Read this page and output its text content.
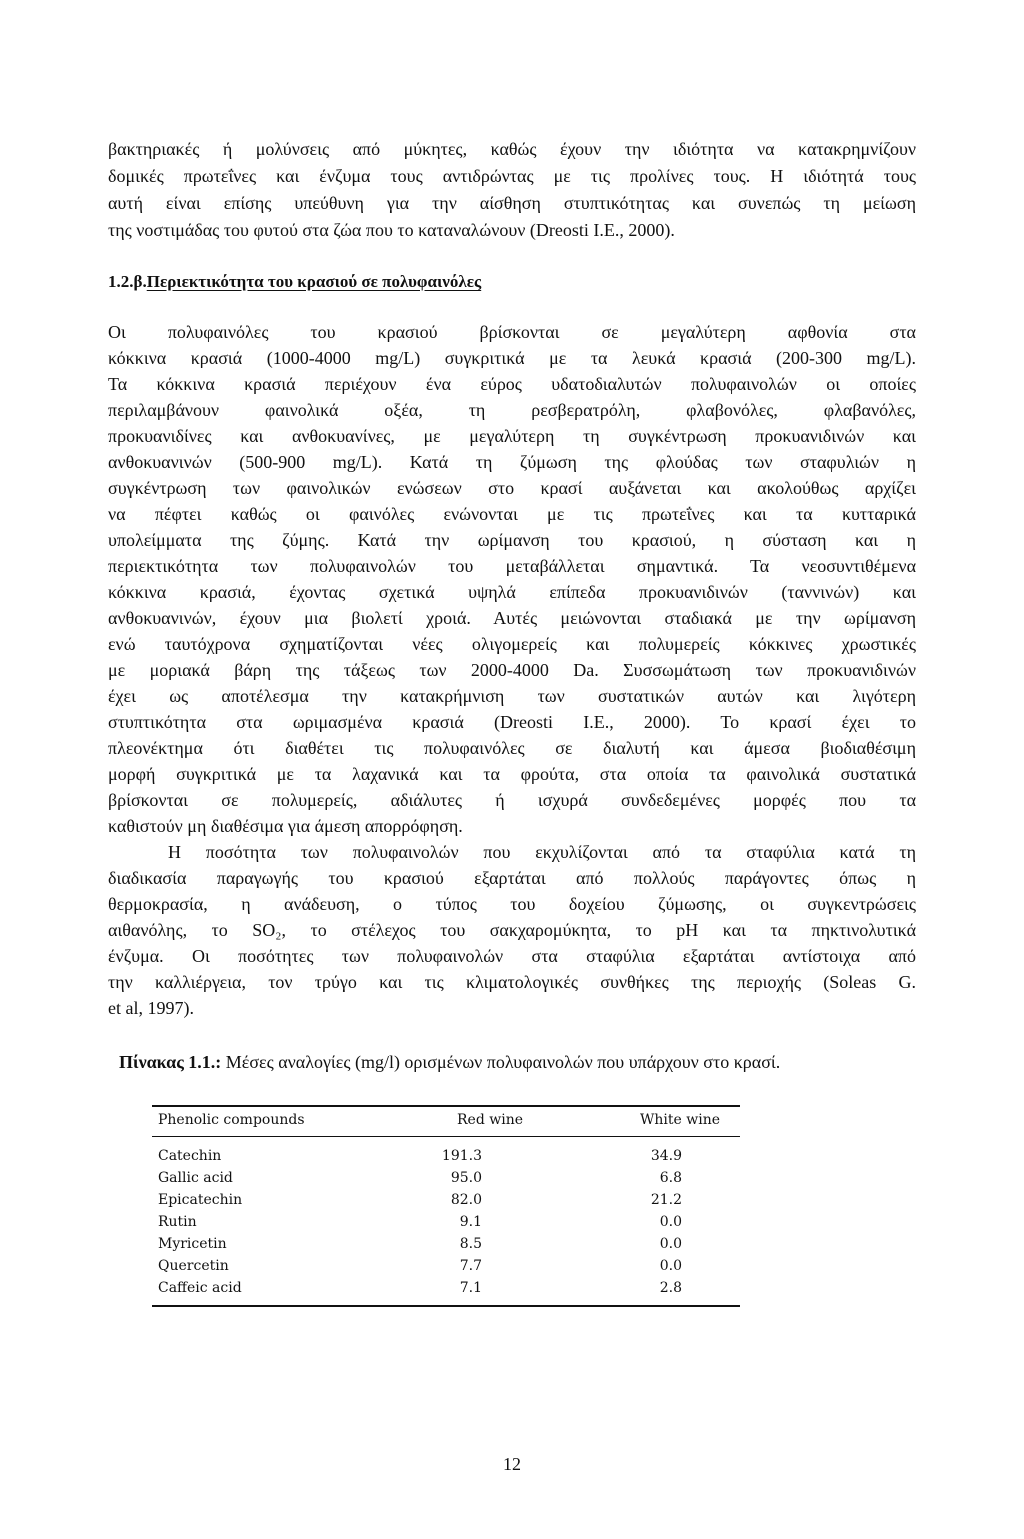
βακτηριακές ή μολύνσεις από μύκητες, καθώς έχουν την ιδιότητα να κατακρημνίζουν
δομικές πρωτεΐνες και ένζυμα τους αντιδρώντας με τις προλίνες τους. Η ιδιότητά τους
αυτή είναι επίσης υπεύθυνη για την αίσθηση στυπτικότητας και συνεπώς τη μείωση
της νοστιμάδας του φυτού στα ζώα που το καταναλώνουν (Dreosti I.E., 2000).
1.2.β.Περιεκτικότητα του κρασιού σε πολυφαινόλες
Οι πολυφαινόλες του κρασιού βρίσκονται σε μεγαλύτερη αφθονία στα
κόκκινα κρασιά (1000-4000 mg/L) συγκριτικά με τα λευκά κρασιά (200-300 mg/L).
Τα κόκκινα κρασιά περιέχουν ένα εύρος υδατοδιαλυτών πολυφαινολών οι οποίες
περιλαμβάνουν φαινολικά οξέα, τη ρεσβερατρόλη, φλαβονόλες, φλαβανόλες,
προκυανιδίνες και ανθοκυανίνες, με μεγαλύτερη τη συγκέντρωση προκυανιδινών και
ανθοκυανινών (500-900 mg/L). Κατά τη ζύμωση της φλούδας των σταφυλιών η
συγκέντρωση των φαινολικών ενώσεων στο κρασί αυξάνεται και ακολούθως αρχίζει
να πέφτει καθώς οι φαινόλες ενώνονται με τις πρωτεΐνες και τα κυτταρικά
υπολείμματα της ζύμης. Κατά την ωρίμανση του κρασιού, η σύσταση και η
περιεκτικότητα των πολυφαινολών του μεταβάλλεται σημαντικά. Τα νεοσυντιθέμενα
κόκκινα κρασιά, έχοντας σχετικά υψηλά επίπεδα προκυανιδινών (ταννινών) και
ανθοκυανινών, έχουν μια βιολετί χροιά. Αυτές μειώνονται σταδιακά με την ωρίμανση
ενώ ταυτόχρονα σχηματίζονται νέες ολιγομερείς και πολυμερείς κόκκινες χρωστικές
με μοριακά βάρη της τάξεως των 2000-4000 Da. Συσσωμάτωση των προκυανιδινών
έχει ως αποτέλεσμα την κατακρήμνιση των συστατικών αυτών και λιγότερη
στυπτικότητα στα ωριμασμένα κρασιά (Dreosti I.E., 2000). Το κρασί έχει το
πλεονέκτημα ότι διαθέτει τις πολυφαινόλες σε διαλυτή και άμεσα βιοδιαθέσιμη
μορφή συγκριτικά με τα λαχανικά και τα φρούτα, στα οποία τα φαινολικά συστατικά
βρίσκονται σε πολυμερείς, αδιάλυτες ή ισχυρά συνδεδεμένες μορφές που τα
καθιστούν μη διαθέσιμα για άμεση απορρόφηση.
Η ποσότητα των πολυφαινολών που εκχυλίζονται από τα σταφύλια κατά τη
διαδικασία παραγωγής του κρασιού εξαρτάται από πολλούς παράγοντες όπως η
θερμοκρασία, η ανάδευση, ο τύπος του δοχείου ζύμωσης, οι συγκεντρώσεις
αιθανόλης, το SO₂, το στέλεχος του σακχαρομύκητα, το pH και τα πηκτινολυτικά
ένζυμα. Οι ποσότητες των πολυφαινολών στα σταφύλια εξαρτάται αντίστοιχα από
την καλλιέργεια, τον τρύγο και τις κλιματολογικές συνθήκες της περιοχής (Soleas G.
et al, 1997).
Πίνακας 1.1.: Μέσες αναλογίες (mg/l) ορισμένων πολυφαινολών που υπάρχουν στο κρασί.
Phenolic compounds	Red wine	White wine
Catechin	191.3	34.9
Gallic acid	95.0	6.8
Epicatechin	82.0	21.2
Rutin	9.1	0.0
Myricetin	8.5	0.0
Quercetin	7.7	0.0
Caffeic acid	7.1	2.8
12
